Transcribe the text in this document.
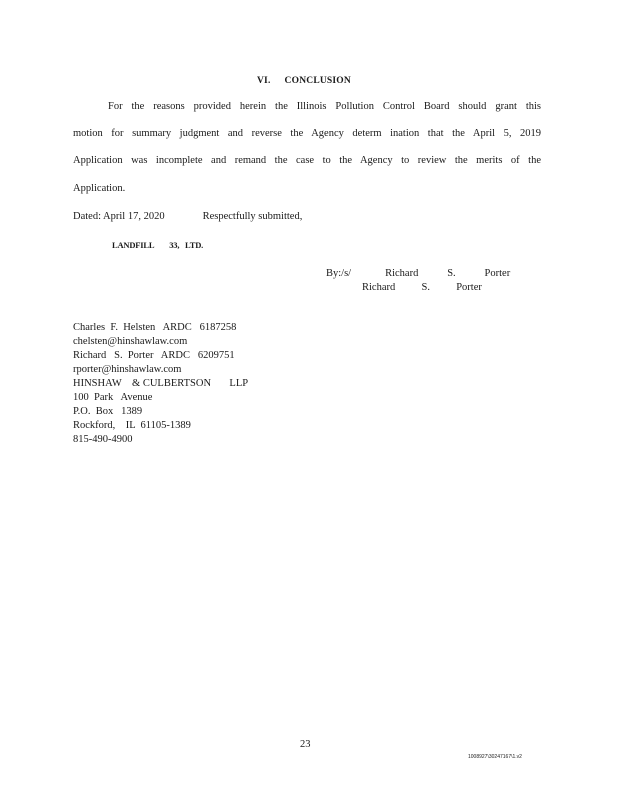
VI. CONCLUSION
For the reasons provided herein the Illinois Pollution Control Board should grant this
motion for summary judgment and reverse the Agency determ ination that the April 5, 2019
Application was incomplete and remand the case to the Agency to review the merits of the
Application.
Dated: April 17, 2020	Respectfully submitted,
LANDFILL        33,   LTD.
By:/s/	Richard           S.           Porter
Richard          S.          Porter
Charles  F.  Helsten   ARDC   6187258
chelsten@hinshawlaw.com
Richard   S.  Porter   ARDC   6209751
rporter@hinshawlaw.com
HINSHAW    & CULBERTSON       LLP
100  Park   Avenue
P.O.  Box   1389
Rockford,    IL  61105-1389
815-490-4900
23
1008927\30247167\1.v2
